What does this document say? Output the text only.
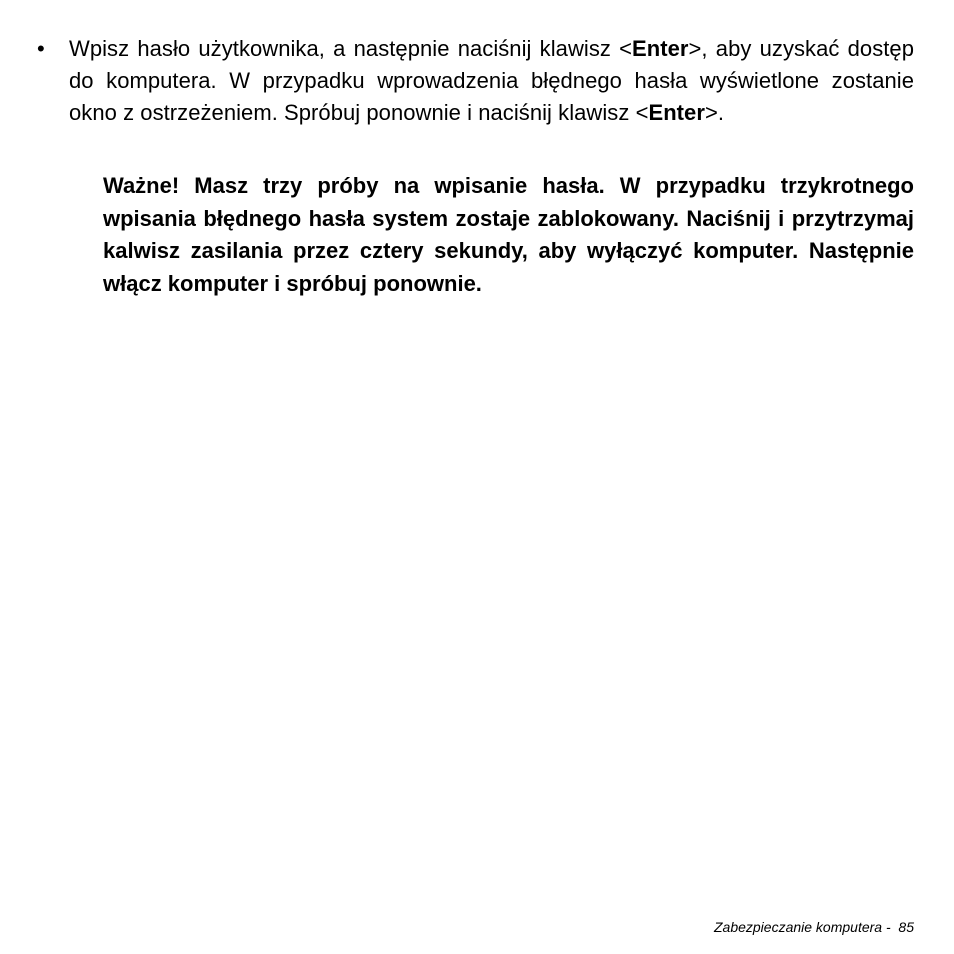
• Wpisz hasło użytkownika, a następnie naciśnij klawisz <Enter>, aby uzyskać dostęp do komputera. W przypadku wprowadzenia błędnego hasła wyświetlone zostanie okno z ostrzeżeniem. Spróbuj ponownie i naciśnij klawisz <Enter>.
Ważne! Masz trzy próby na wpisanie hasła. W przypadku trzykrotnego wpisania błędnego hasła system zostaje zablokowany. Naciśnij i przytrzymaj kalwisz zasilania przez cztery sekundy, aby wyłączyć komputer. Następnie włącz komputer i spróbuj ponownie.
Zabezpieczanie komputera - 85
